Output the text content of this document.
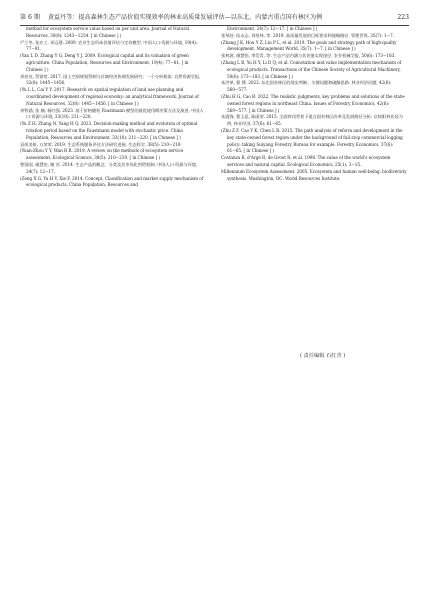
第 6 期 黄益丹等：提高森林生态产品价值实现效率的林业高质量发展评估—以东北、内蒙古重点国有林区为例	223

method for ecosystem service value based on per unit area. Journal of Natural Resources, 30(8): 1243−1254. [ in Chinese ] )

严立冬, 张亦工, 邓远建. 2009. 农业生态资本价值评估与定价模型. 中国人口·资源与环境, 19(4): 77−81.

(Yan L D, Zhang Y G, Deng Y J. 2009. Ecological capital and its valuation of green agriculture. China Population, Resources and Environment, 19(4): 77−81. [ in Chinese ] )

余亮亮, 蔡银莺. 2017. 国土空间规划管制与区域经济协调发展研究：一个分析框架. 自然资源学报, 32(8): 1445−1456.

(Yu L L, Cai Y Y. 2017. Research on spatial regulation of land use planning and coordinated development of regional economy: an analytical framework. Journal of Natural Resources, 32(8): 1445−1456. [ in Chinese ] )

余智涵, 张 楠, 杨红强. 2023. 基于价格随机 Faustmann 模型的最优轮伐期决策方法及演进. 中国人口·资源与环境, 33(10): 211−220.

(Yu Z H, Zhang N, Yang H Q. 2023. Decision-making method and evolution of optimal rotation period based on the Faustmann model with stochastic price. China Population, Resources and Environment, 33(10): 211−220. [ in Chinese ] )

袁周炎妍, 万荣荣. 2019. 生态系统服务评估方法研究进展. 生态科学, 38(5): 210−219.

(Yuan-Zhou Y Y, Wan R R. 2019. A review on the methods of ecosystem service assessment. Ecological Science, 38(5): 210−219. [ in Chinese ] )

曾贤刚, 虞慧怡, 谢 芳. 2014. 生态产品的概念、分类及其市场化供给机制. 中国人口·资源与环境, 24(7): 12−17.

(Zeng X G, Yu H Y, Xie F. 2014. Concept, Classification and market supply mechanism of ecological products. China Population, Resources and

Environment, 24(7): 12−17. [ in Chinese ] )

张琴舒, 侯永志, 刘培林, 等. 2019. 高质量发展的目标要求和战略路径. 管理世界, 35(7): 1−7.

(Zhang J K, Hou Y Z, Liu P L, et al. 2019. The goals and strategy path of high-quality development. Management World, 35(7): 1−7. [ in Chinese ] )

张林波, 虞慧怡, 李岱青, 等. 生态产品内涵与其价值实现途径. 农业机械学报, 50(6): 173−183.

(Zhang L B, Yu H Y, Li D Q, et al. Connotation and value implementation mechanism of ecological products. Transactions of the Chinese Society of Agricultural Machinery, 50(6): 173−183. [ in Chinese ] )

朱洪革, 曹 博. 2022. 东北国有林区的现实判断、关键问题和破解思路. 林业经济问题, 42(6): 569−577.

(Zhu H G, Cao B. 2022. The realistic judgments, key problems and solutions of the state-owned forest regions in northeast China. Issues of Forestry Economics, 42(6): 569−577. [ in Chinese ] )

朱震锋, 曹玉昆, 陈丽荣. 2015. 全面停伐背景下重点国有林区改革及发展路径分析: 以绥阳林业局为例. 林业经济, 37(6): 61−65.

(Zhu Z F, Cao Y K, Chen L R. 2015. The path analysis of reform and development in the key state-owned forest region under the background of full stop commercial logging policy: taking Suiyang Forestry Bureau for example. Forestry Economics, 37(6): 61−65. [ in Chinese ] )

Costanza R, d'Arge R, de Groot R, et al. 1998. The value of the world's ecosystem services and natural capital. Ecological Economics, 25(1): 3−15.

Millennium Ecosystem Assessment. 2005. Ecosystem and human well-being: biodiversity synthesis. Washington, DC: World Resources Institute.

( 责任编辑 石红青 )
